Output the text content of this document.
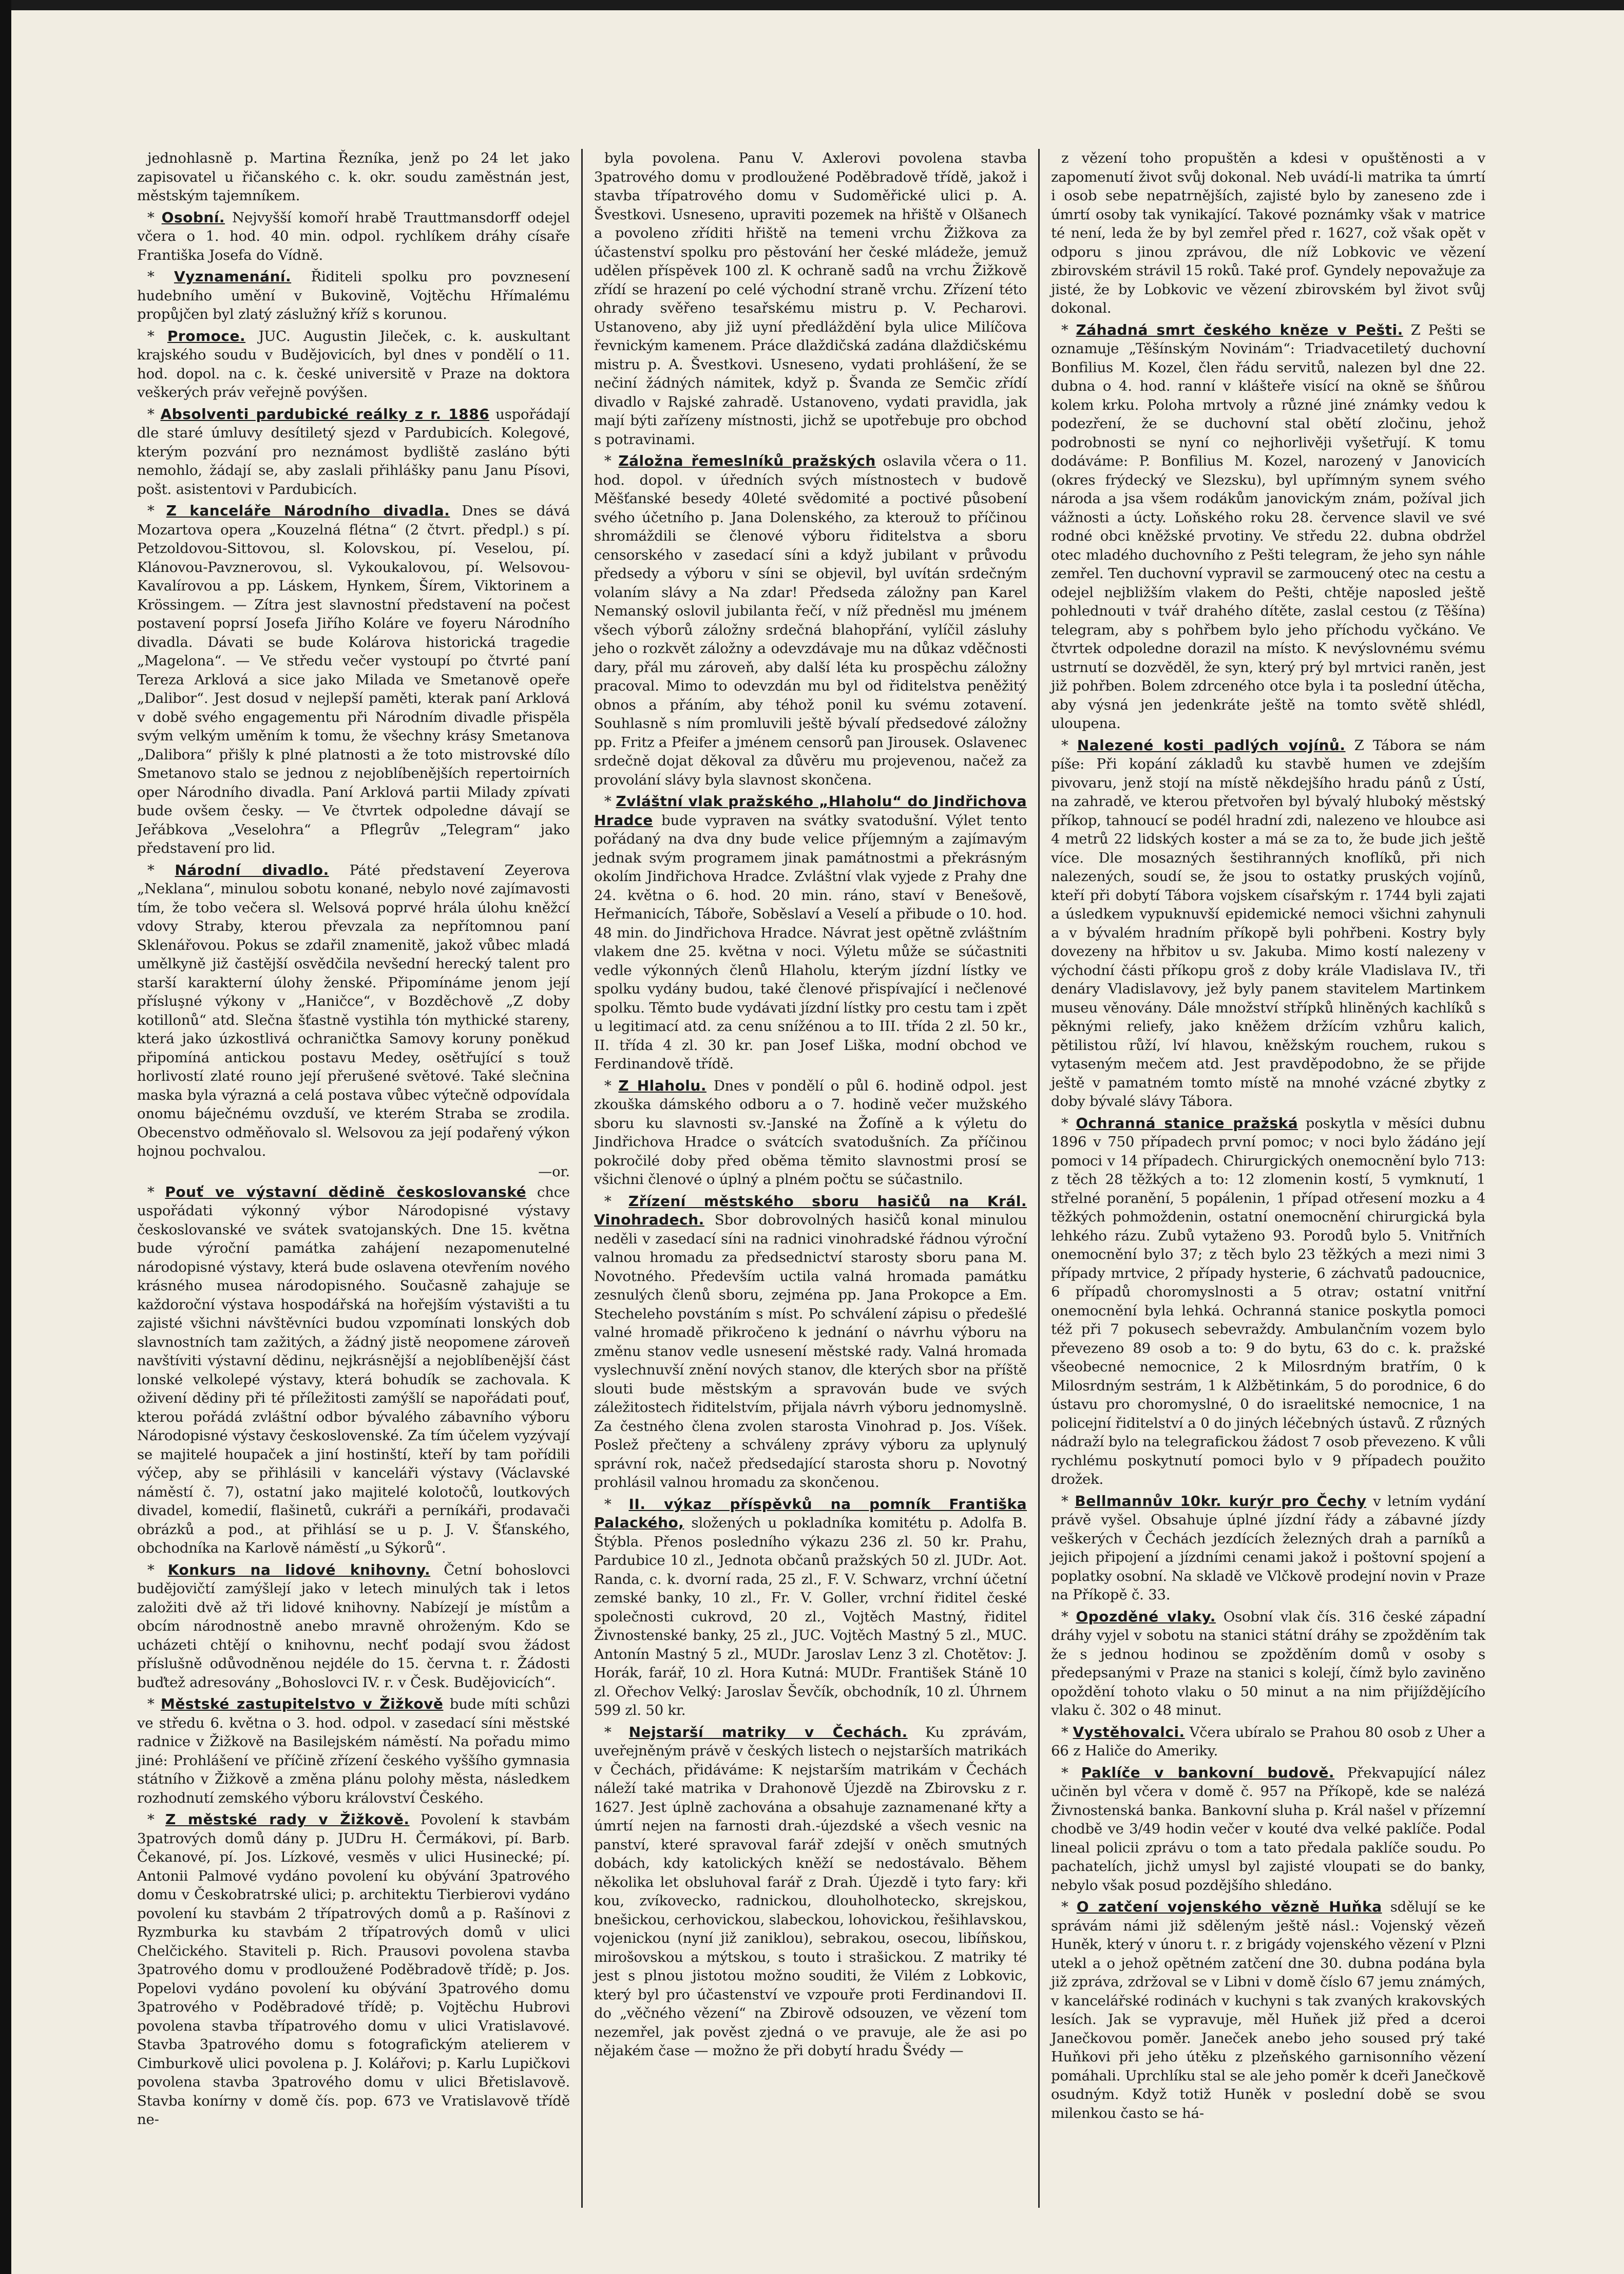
jednohlasně p. Martina Řezníka, jenž po 24 let jako zapisovatel u řičanského c. k. okr. soudu zaměstnán jest, městským tajemníkem.

* Osobní. Nejvyšší komoří hrabě Trauttmansdorff odejel včera o 1. hod. 40 min. odpol. rychlíkem dráhy císaře Františka Josefa do Vídně.

* Vyznamenání. Řiditeli spolku pro povznesení hudebního umění v Bukovině, Vojtěchu Hřímalému propůjčen byl zlatý záslužný kříž s korunou.

* Promoce. JUC. Augustin Jileček, c. k. auskultant krajského soudu v Budějovicích, byl dnes v pondělí o 11. hod. dopol. na c. k. české universitě v Praze na doktora veškerých práv veřejně povýšen.

* Absolventi pardubické reálky z r. 1886 uspořádají dle staré úmluvy desítiletý sjezd v Pardubicích. Kolegové, kterým pozvání pro neznámost bydliště zasláno býti nemohlo, žádají se, aby zaslali přihlášky panu Janu Písovi, pošt. asistentovi v Pardubicích.

* Z kanceláře Národního divadla. Dnes se dává Mozartova opera „Kouzelná flétna“ (2 čtvrt. předpl.) s pí. Petzoldovou-Sittovou, sl. Kolovskou, pí. Veselou, pí. Klánovou-Pavznerovou, sl. Vykoukalovou, pí. Welsovou-Kavalírovou a pp. Láskem, Hynkem, Šírem, Viktorinem a Krössingem. — Zítra jest slavnostní představení na počest postavení poprsí Josefa Jiřího Koláre ve foyeru Národního divadla. Dávati se bude Kolárova historická tragedie „Magelona“. — Ve středu večer vystoupí po čtvrté paní Tereza Arklová a sice jako Milada ve Smetanově opeře „Dalibor“. Jest dosud v nejlepší paměti, kterak paní Arklová v době svého engagementu při Národním divadle přispěla svým velkým uměním k tomu, že všechny krásy Smetanova „Dalibora“ přišly k plné platnosti a že toto mistrovské dílo Smetanovo stalo se jednou z nejoblíbenějších repertoirních oper Národního divadla. Paní Arklová partii Milady zpívati bude ovšem česky. — Ve čtvrtek odpoledne dávají se Jeřábkova „Veselohra“ a Pflegrův „Telegram“ jako představení pro lid.

* Národní divadlo. Páté představení Zeyerova „Neklana“, minulou sobotu konané, nebylo nové zajímavosti tím, že tobo večera sl. Welsová poprvé hrála úlohu kněžcí vdovy Straby, kterou převzala za nepřítomnou paní Sklenářovou. Pokus se zdařil znamenitě, jakož vůbec mladá umělkyně již častější osvědčila nevšední herecký talent pro starší karakterní úlohy ženské. Připomínáme jenom její přísluşné výkony v „Haničce“, v Bozděchově „Z doby kotillonů“ atd. Slečna šťastně vystihla tón mythické stareny, která jako úzkostlivá ochraničtka Samovy koruny poněkud připomíná antickou postavu Medey, osětřující s touž horlivostí zlaté rouno její přerušené světové. Také slečnina maska byla výrazná a celá postava vůbec výtečně odpovídala onomu báječnému ovzduší, ve kterém Straba se zrodila. Obecenstvo odměňovalo sl. Welsovou za její podařený výkon hojnou pochvalou.

—or.

* Pouť ve výstavní dědině českoslovanské chce uspořádati výkonný výbor Národopisné výstavy českoslovanské ve svátek svatojanských. Dne 15. května bude výroční památka zahájení nezapomenutelné národopisné výstavy, která bude oslavena otevřením nového krásného musea národopisného. Současně zahajuje se každoroční výstava hospodářská na hořejším výstavišti a tu zajisté všichni návštěvníci budou vzpomínati lonských dob slavnostních tam zažitých, a žádný jistě neopomene zároveň navštíviti výstavní dědinu, nejkrásnější a nejoblíbenější část lonské velkolepé výstavy, která bohudík se zachovala. K oživení dědiny při té příležitosti zamýšlí se napořádati pouť, kterou pořádá zvláštní odbor bývalého zábavního výboru Národopisné výstavy československé. Za tím účelem vyzývají se majitelé houpaček a jiní hostinští, kteří by tam pořídili výčep, aby se přihlásili v kanceláři výstavy (Václavské náměstí č. 7), ostatní jako majitelé kolotočů, loutkových divadel, komedií, flašinetů, cukráři a perníkáři, prodavači obrázků a pod., at přihlásí se u p. J. V. Šťanského, obchodníka na Karlově náměstí „u Sýkorů“.

* Konkurs na lidové knihovny. Četní bohoslovci budějovičtí zamýšlejí jako v letech minulých tak i letos založiti dvě až tři lidové knihovny. Nabízejí je místům a obcím národnostně anebo mravně ohroženým. Kdo se ucházeti chtějí o knihovnu, nechť podají svou žádost příslušně odůvodněnou nejdéle do 15. června t. r. Žádosti buďtež adresovány „Bohoslovci IV. r. v Česk. Budějovicích“.

* Městské zastupitelstvo v Žižkově bude míti schůzi ve středu 6. května o 3. hod. odpol. v zasedací síni městské radnice v Žižkově na Basilejském náměstí. Na pořadu mimo jiné: Prohlášení ve příčině zřízení českého vyššího gymnasia státního v Žižkově a změna plánu polohy města, následkem rozhodnutí zemského výboru království Českého.

* Z městské rady v Žižkově. Povolení k stavbám 3patrových domů dány p. JUDru H. Čermákovi, pí. Barb. Čekanové, pí. Jos. Lízkové, vesměs v ulici Husinecké; pí. Antonii Palmové vydáno povolení ku obývání 3patrového domu v Českobratrské ulici; p. architektu Tierbierovi vydáno povolení ku stavbám 2 třípatrových domů a p. Rašínovi z Ryzmburka ku stavbám 2 třípatrových domů v ulici Chelčického. Staviteli p. Rich. Prausovi povolena stavba 3patrového domu v prodloužené Poděbradově třídě; p. Jos. Popelovi vydáno povolení ku obývání 3patrového domu 3patrového v Poděbradové třídě; p. Vojtěchu Hubrovi povolena stavba třípatrového domu v ulici Vratislavové. Stavba 3patrového domu s fotografickým atelierem v Cimburkově ulici povolena p. J. Kolářovi; p. Karlu Lupičkovi povolena stavba 3patrového domu v ulici Břetislavově. Stavba konírny v domě čís. pop. 673 ve Vratislavově třídě ne-

byla povolena. Panu V. Axlerovi povolena stavba 3patrového domu v prodloužené Poděbradově třídě, jakož i stavba třípatrového domu v Sudoměřické ulici p. A. Švestkovi. Usneseno, upraviti pozemek na hřiště v Olšanech a povoleno zříditi hřiště na temeni vrchu Žižkova za účastenství spolku pro pěstování her české mládeže, jemuž udělen příspěvek 100 zl. K ochraně sadů na vrchu Žižkově zřídí se hrazení po celé východní straně vrchu. Zřízení této ohrady svěřeno tesařskému mistru p. V. Pecharovi. Ustanoveno, aby již uyní předláždění byla ulice Milíčova řevnickým kamenem. Práce dlaždičská zadána dlaždičskému mistru p. A. Švestkovi. Usneseno, vydati prohlášení, že se nečiní žádných námitek, když p. Švanda ze Semčic zřídí divadlo v Rajské zahradě. Ustanoveno, vydati pravidla, jak mají býti zařízeny místnosti, jichž se upotřebuje pro obchod s potravinami.

* Záložna řemeslníků pražských oslavila včera o 11. hod. dopol. v úředních svých místnostech v budově Měšťanské besedy 40leté svědomité a poctivé působení svého účetního p. Jana Dolenského, za kterouž to příčinou shromáždili se členové výboru řiditelstva a sboru censorského v zasedací síni a když jubilant v průvodu předsedy a výboru v síni se objevil, byl uvítán srdečným volaním slávy a Na zdar! Předseda záložny pan Karel Nemanský oslovil jubilanta řečí, v níž předněsl mu jménem všech výborů záložny srdečná blahopřání, vylíčil zásluhy jeho o rozkvět záložny a odevzdávaje mu na důkaz vděčnosti dary, přál mu zároveň, aby další léta ku prospěchu záložny pracoval. Mimo to odevzdán mu byl od řiditelstva peněžitý obnos a přáním, aby téhož ponil ku svému zotavení. Souhlasně s ním promluvili ještě bývalí předsedové záložny pp. Fritz a Pfeifer a jménem censorů pan Jirousek. Oslavenec srdečně dojat děkoval za důvěru mu projevenou, načež za provolání slávy byla slavnost skončena.

* Zvláštní vlak pražského „Hlaholu“ do Jindřichova Hradce bude vypraven na svátky svatodušní. Výlet tento pořádaný na dva dny bude velice příjemným a zajímavým jednak svým programem jinak památnostmi a překrásným okolím Jindřichova Hradce. Zvláštní vlak vyjede z Prahy dne 24. května o 6. hod. 20 min. ráno, staví v Benešově, Heřmanicích, Táboře, Soběslaví a Veselí a přibude o 10. hod. 48 min. do Jindřichova Hradce. Návrat jest opětně zvláštním vlakem dne 25. května v noci. Výletu může se súčastniti vedle výkonných členů Hlaholu, kterým jízdní lístky ve spolku vydány budou, také členové přispívající i nečlenové spolku. Těmto bude vydávati jízdní lístky pro cestu tam i zpět u legitimací atd. za cenu snížénou a to III. třída 2 zl. 50 kr., II. třída 4 zl. 30 kr. pan Josef Liška, modní obchod ve Ferdinandově třídě.

* Z Hlaholu. Dnes v pondělí o půl 6. hodině odpol. jest zkouška dámského odboru a o 7. hodině večer mužského sboru ku slavnosti sv.-Janské na Žofíně a k výletu do Jindřichova Hradce o svátcích svatodušních. Za příčinou pokročilé doby před oběma těmito slavnostmi prosí se všichni členové o úplný a plném počtu se súčastnilo.

* Zřízení městského sboru hasičů na Král. Vinohradech. Sbor dobrovolných hasičů konal minulou neděli v zasedací síni na radnici vinohradské řádnou výroční valnou hromadu za předsednictví starosty sboru pana M. Novotného. Především uctila valná hromada památku zesnulých členů sboru, zejména pp. Jana Prokopce a Em. Stecheleho povstáním s míst. Po schválení zápisu o předešlé valné hromadě přikročeno k jednání o návrhu výboru na změnu stanov vedle usnesení městské rady. Valná hromada vyslechnuvší znění nových stanov, dle kterých sbor na příště slouti bude městským a spravován bude ve svých záležitostech řiditelstvím, přijala návrh výboru jednomyslně. Za čestného člena zvolen starosta Vinohrad p. Jos. Víšek. Poslež přečteny a schváleny zprávy výboru za uplynulý správní rok, načež předsedající starosta shoru p. Novotný prohlásil valnou hromadu za skončenou.

* II. výkaz příspěvků na pomník Františka Palackého, složených u pokladníka komitétu p. Adolfa B. Štýbla. Přenos posledního výkazu 236 zl. 50 kr. Prahu, Pardubice 10 zl., Jednota občanů pražských 50 zl. JUDr. Aot. Randa, c. k. dvorní rada, 25 zl., F. V. Schwarz, vrchní účetní zemské banky, 10 zl., Fr. V. Goller, vrchní řiditel české společnosti cukrovd, 20 zl., Vojtěch Mastný, řiditel Živnostenské banky, 25 zl., JUC. Vojtěch Mastný 5 zl., MUC. Antonín Mastný 5 zl., MUDr. Jaroslav Lenz 3 zl. Chotětov: J. Horák, farář, 10 zl. Hora Kutná: MUDr. František Stáně 10 zl. Ořechov Velký: Jaroslav Ševčík, obchodník, 10 zl. Úhrnem 599 zl. 50 kr.

* Nejstarší matriky v Čechách. Ku zprávám, uveřejněným právě v českých listech o nejstarších matrikách v Čechách, přidáváme: K nejstarším matrikám v Čechách náleží také matrika v Drahonově Újezdě na Zbirovsku z r. 1627. Jest úplně zachována a obsahuje zaznamenané křty a úmrtí nejen na farnosti drah.-újezdské a všech vesnic na panství, které spravoval farář zdejší v oněch smutných dobách, kdy katolických kněží se nedostávalo. Během několika let obsluhoval farář z Drah. Újezdě i tyto fary: kři kou, zvíkovecko, radnickou, dlouholhotecko, skrejskou, bnešickou, cerhovickou, slabeckou, lohovickou, řešihlavskou, vojenickou (nyní již zaniklou), sebrakou, osecou, libíňskou, mirošovskou a mýtskou, s touto i strašickou. Z matriky té jest s plnou jistotou možno souditi, že Vilém z Lobkovic, který byl pro účastenství ve vzpouře proti Ferdinandovi II. do „věčného vězení“ na Zbirově odsouzen, ve vězení tom nezemřel, jak pověst zjedná o ve pravuje, ale že asi po nějakém čase — možno že při dobytí hradu Švédy —

z vězení toho propuštěn a kdesi v opuštěnosti a v zapomenutí život svůj dokonal. Neb uvádí-li matrika ta úmrtí i osob sebe nepatrnějších, zajisté bylo by zaneseno zde i úmrtí osoby tak vynikající. Takové poznámky však v matrice té není, leda že by byl zemřel před r. 1627, což však opět v odporu s jinou zprávou, dle níž Lobkovic ve vězení zbirovském strávil 15 roků. Také prof. Gyndely nepovažuje za jisté, že by Lobkovic ve vězení zbirovském byl život svůj dokonal.

* Záhadná smrt českého kněze v Pešti. Z Pešti se oznamuje „Těšínským Novinám“: Triadvacetiletý duchovní Bonfilius M. Kozel, člen řádu servitů, nalezen byl dne 22. dubna o 4. hod. ranní v klášteře visící na okně se šňůrou kolem krku. Poloha mrtvoly a různé jiné známky vedou k podezření, že se duchovní stal obětí zločinu, jehož podrobnosti se nyní co nejhorlivěji vyšetřují. K tomu dodáváme: P. Bonfilius M. Kozel, narozený v Janovicích (okres frýdecký ve Slezsku), byl upřímným synem svého národa a jsa všem rodákům janovickým znám, požíval jich vážnosti a úcty. Loňského roku 28. července slavil ve své rodné obci kněžské prvotiny. Ve středu 22. dubna obdržel otec mladého duchovního z Pešti telegram, že jeho syn náhle zemřel. Ten duchovní vypravil se zarmoucený otec na cestu a odejel nejbližším vlakem do Pešti, chtěje naposled ještě pohlednouti v tvář drahého dítěte, zaslal cestou (z Těšína) telegram, aby s pohřbem bylo jeho příchodu vyčkáno. Ve čtvrtek odpoledne dorazil na místo. K nevýslovnému svému ustrnutí se dozvěděl, že syn, který prý byl mrtvici raněn, jest již pohřben. Bolem zdrceného otce byla i ta poslední útěcha, aby výsná jen jedenkráte ještě na tomto světě shlédl, uloupena.

* Nalezené kosti padlých vojínů. Z Tábora se nám píše: Při kopání základů ku stavbě humen ve zdejším pivovaru, jenž stojí na místě někdejšího hradu pánů z Ústí, na zahradě, ve kterou přetvořen byl bývalý hluboký městský příkop, tahnoucí se podél hradní zdi, nalezeno ve hloubce asi 4 metrů 22 lidských koster a má se za to, že bude jich ještě více. Dle mosazných šestihranných knoflíků, při nich nalezených, soudí se, že jsou to ostatky pruských vojínů, kteří při dobytí Tábora vojskem císařským r. 1744 byli zajati a úsledkem vypuknuvší epidemické nemoci všichni zahynuli a v bývalém hradním příkopě byli pohřbeni. Kostry byly dovezeny na hřbitov u sv. Jakuba. Mimo kostí nalezeny v východní části příkopu groš z doby krále Vladislava IV., tři denáry Vladislavovy, jež byly panem stavitelem Martinkem museu věnovány. Dále množství střípků hliněných kachlíků s pěknými reliefy, jako kněžem držícím vzhůru kalich, pětilistou růží, lví hlavou, kněžským rouchem, rukou s vytaseným mečem atd. Jest pravděpodobno, že se přijde ještě v pamatném tomto místě na mnohé vzácné zbytky z doby bývalé slávy Tábora.

* Ochranná stanice pražská poskytla v měsíci dubnu 1896 v 750 případech první pomoc; v noci bylo žádáno její pomoci v 14 případech. Chirurgických onemocnění bylo 713: z těch 28 těžkých a to: 12 zlomenin kostí, 5 vymknutí, 1 střelné poranění, 5 popálenin, 1 případ otřesení mozku a 4 těžkých pohmoždenin, ostatní onemocnění chirurgická byla lehkého rázu. Zubů vytaženo 93. Porodů bylo 5. Vnitřních onemocnění bylo 37; z těch bylo 23 těžkých a mezi nimi 3 případy mrtvice, 2 případy hysterie, 6 záchvatů padoucnice, 6 případů choromyslnosti a 5 otrav; ostatní vnitřní onemocnění byla lehká. Ochranná stanice poskytla pomoci též při 7 pokusech sebevraždy. Ambulančním vozem bylo převezeno 89 osob a to: 9 do bytu, 63 do c. k. pražské všeobecné nemocnice, 2 k Milosrdným bratřím, 0 k Milosrdným sestrám, 1 k Alžbětinkám, 5 do porodnice, 6 do ústavu pro choromyslné, 0 do israelitské nemocnice, 1 na policejní řiditelství a 0 do jiných léčebných ústavů. Z různých nádraží bylo na telegrafickou žádost 7 osob převezeno. K vůli rychlému poskytnutí pomoci bylo v 9 případech použito drožek.

* Bellmannův 10kr. kurýr pro Čechy v letním vydání právě vyšel. Obsahuje úplné jízdní řády a zábavné jízdy veškerých v Čechách jezdících železných drah a parníků a jejich připojení a jízdními cenami jakož i poštovní spojení a poplatky osobní. Na skladě ve Vlčkově prodejní novin v Praze na Příkopě č. 33.

* Opozděné vlaky. Osobní vlak čís. 316 české západní dráhy vyjel v sobotu na stanici státní dráhy se zpožděním tak že s jednou hodinou se zpožděním domů v osoby s předepsanými v Praze na stanici s kolejí, čímž bylo zaviněno opoždění tohoto vlaku o 50 minut a na nim přijíždějícího vlaku č. 302 o 48 minut.

* Vystěhovalci. Včera ubíralo se Prahou 80 osob z Uher a 66 z Haliče do Ameriky.

* Paklíče v bankovní budově. Překvapující nález učiněn byl včera v domě č. 957 na Příkopě, kde se nalézá Živnostenská banka. Bankovní sluha p. Král našel v přízemní chodbě ve 3/49 hodin večer v kouté dva velké paklíče. Podal lineal policii zprávu o tom a tato předala paklíče soudu. Po pachatelích, jichž umysl byl zajisté vloupati se do banky, nebylo však posud pozdějšího shledáno.

* O zatčení vojenského vězně Huňka sdělují se ke správám námi již sděleným ještě násl.: Vojenský vězeň Huněk, který v únoru t. r. z brigády vojenského vězení v Plzni utekl a o jehož opětném zatčení dne 30. dubna podána byla již zpráva, zdržoval se v Libni v domě číslo 67 jemu známých, v kancelářské rodinách v kuchyni s tak zvaných krakovských lesích. Jak se vypravuje, měl Huňek již před a dceroi Janečkovou poměr. Janeček anebo jeho soused prý také Huňkovi při jeho útěku z plzeňského garnisonního vězení pomáhali. Uprchlíku stal se ale jeho poměr k dceři Janečkově osudným. Když totiž Huněk v poslední době se svou milenkou často se há-
